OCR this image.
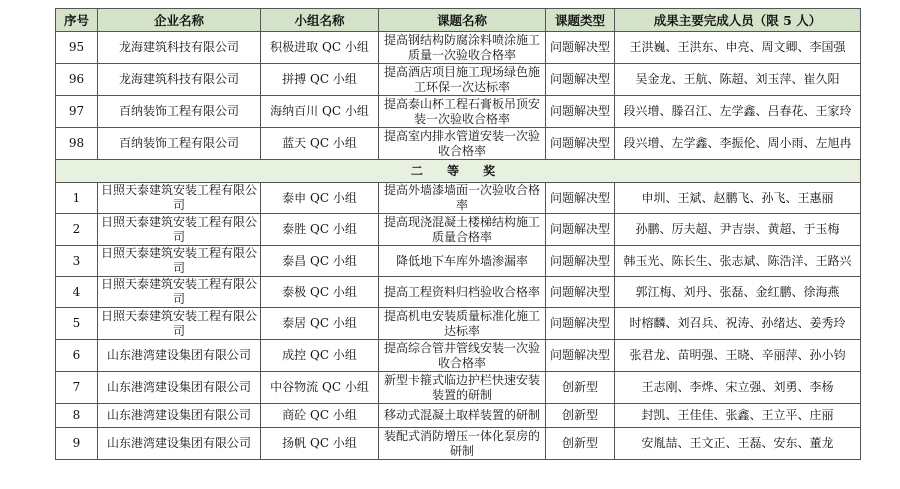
序号	企业名称	小组名称	课题名称	课题类型	成果主要完成人员（限 5 人）
95	龙海建筑科技有限公司	积极进取 QC 小组	提高钢结构防腐涂料喷涂施工质量一次验收合格率	问题解决型	王洪巍、王洪东、申亮、周文卿、李国强
96	龙海建筑科技有限公司	拼搏 QC 小组	提高酒店项目施工现场绿色施工环保一次达标率	问题解决型	吴金龙、王航、陈超、刘玉萍、崔久阳
97	百纳装饰工程有限公司	海纳百川 QC 小组	提高泰山杯工程石膏板吊顶安装一次验收合格率	问题解决型	段兴增、滕召江、左学鑫、吕春花、王家玲
98	百纳装饰工程有限公司	蓝天 QC 小组	提高室内排水管道安装一次验收合格率	问题解决型	段兴增、左学鑫、李振伦、周小雨、左旭冉
二 等 奖					
1	日照天泰建筑安装工程有限公司	泰申 QC 小组	提高外墙漆墙面一次验收合格率	问题解决型	申圳、王斌、赵鹏飞、孙飞、王惠丽
2	日照天泰建筑安装工程有限公司	泰胜 QC 小组	提高现浇混凝土楼梯结构施工质量合格率	问题解决型	孙鹏、厉夫超、尹吉崇、黄超、于玉梅
3	日照天泰建筑安装工程有限公司	泰昌 QC 小组	降低地下车库外墙渗漏率	问题解决型	韩玉光、陈长生、张志斌、陈浩洋、王路兴
4	日照天泰建筑安装工程有限公司	泰极 QC 小组	提高工程资料归档验收合格率	问题解决型	郭江梅、刘丹、张磊、金红鹏、徐海燕
5	日照天泰建筑安装工程有限公司	泰居 QC 小组	提高机电安装质量标准化施工达标率	问题解决型	时榕麟、刘召兵、祝涛、孙绪达、姜秀玲
6	山东港湾建设集团有限公司	成控 QC 小组	提高综合管井管线安装一次验收合格率	问题解决型	张君龙、苗明强、王晓、辛丽萍、孙小钧
7	山东港湾建设集团有限公司	中谷物流 QC 小组	新型卡箍式临边护栏快速安装装置的研制	创新型	王志刚、李烨、宋立强、刘勇、李杨
8	山东港湾建设集团有限公司	商砼 QC 小组	移动式混凝土取样装置的研制	创新型	封凯、王佳佳、张鑫、王立平、庄丽
9	山东港湾建设集团有限公司	扬帆 QC 小组	装配式消防增压一体化泵房的研制	创新型	安胤喆、王文正、王磊、安东、董龙
